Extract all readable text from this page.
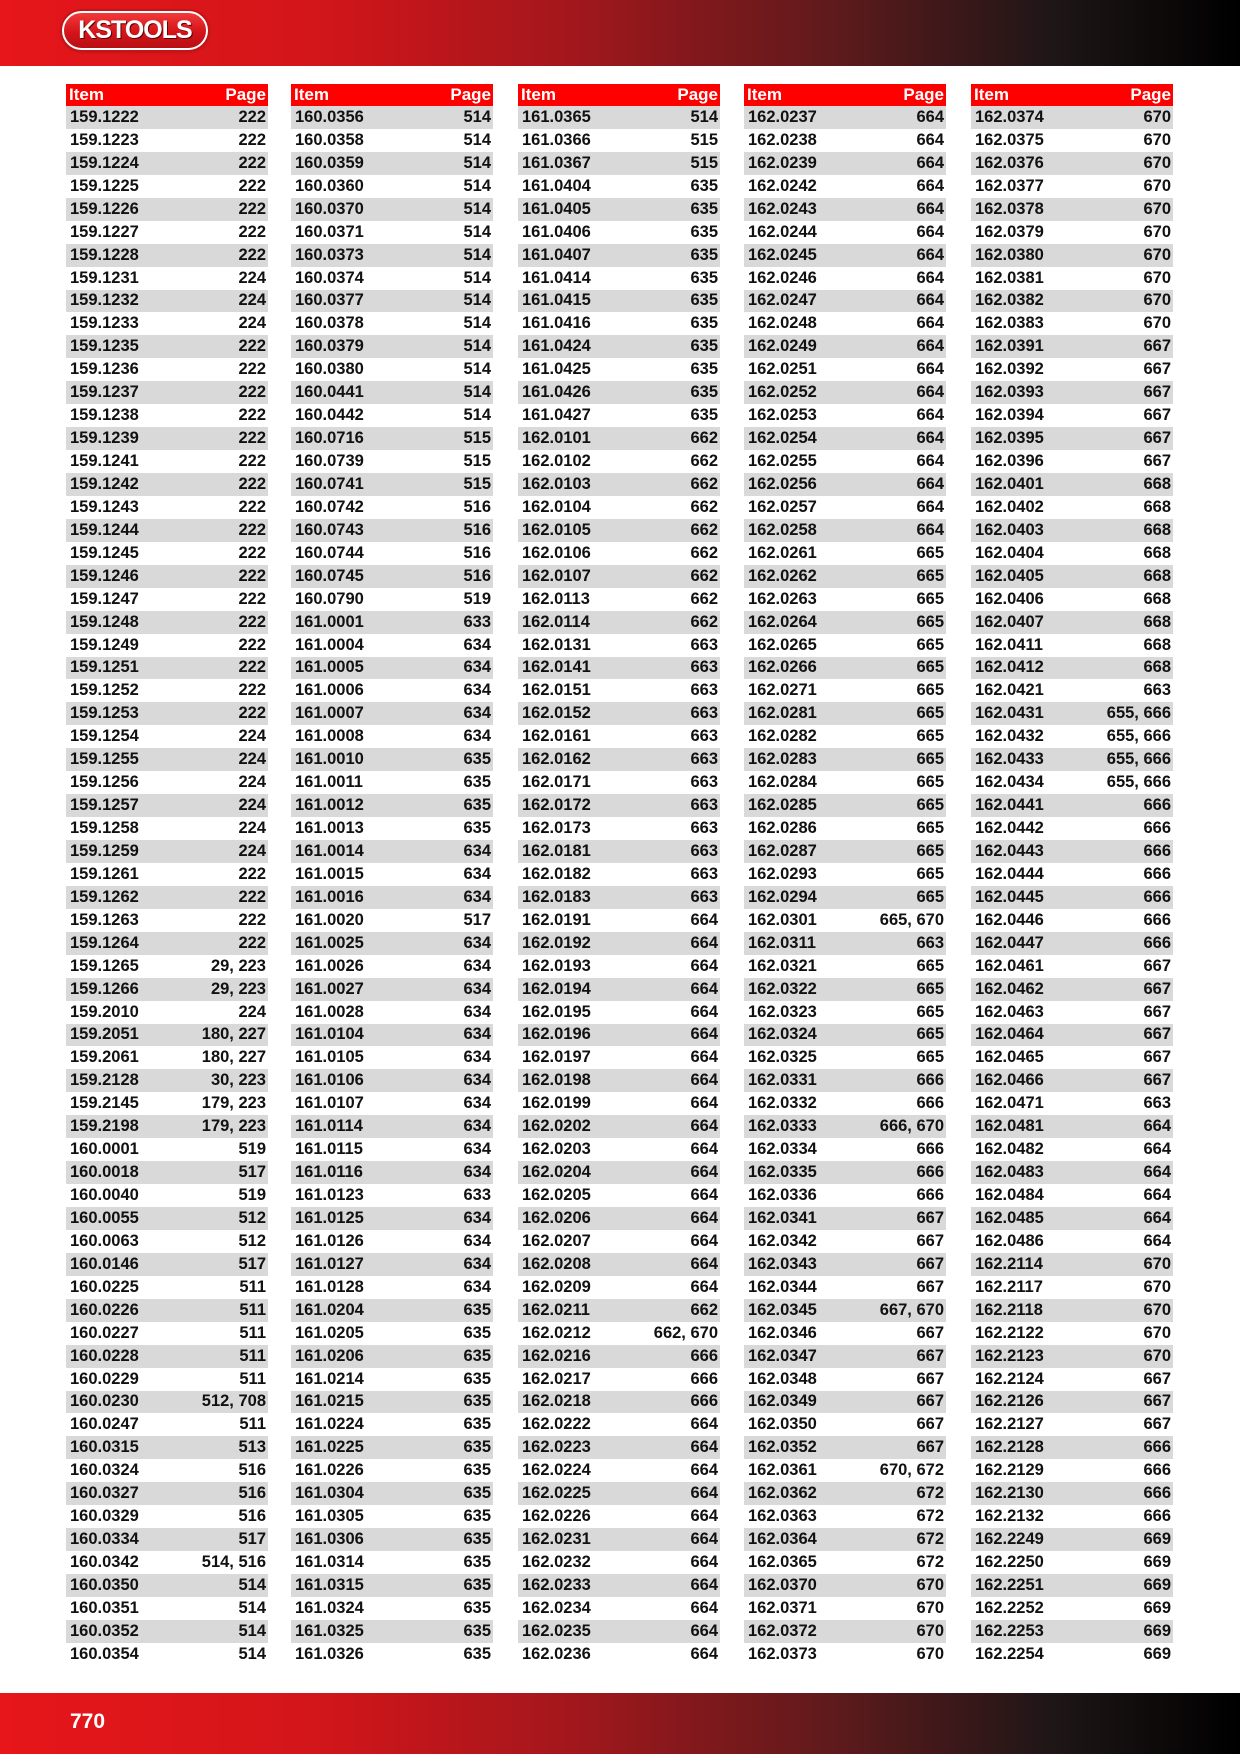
KSTOOLS
Item	Page
159.1222	222
159.1223	222
159.1224	222
159.1225	222
159.1226	222
159.1227	222
159.1228	222
159.1231	224
159.1232	224
159.1233	224
159.1235	222
159.1236	222
159.1237	222
159.1238	222
159.1239	222
159.1241	222
159.1242	222
159.1243	222
159.1244	222
159.1245	222
159.1246	222
159.1247	222
159.1248	222
159.1249	222
159.1251	222
159.1252	222
159.1253	222
159.1254	224
159.1255	224
159.1256	224
159.1257	224
159.1258	224
159.1259	224
159.1261	222
159.1262	222
159.1263	222
159.1264	222
159.1265	29, 223
159.1266	29, 223
159.2010	224
159.2051	180, 227
159.2061	180, 227
159.2128	30, 223
159.2145	179, 223
159.2198	179, 223
160.0001	519
160.0018	517
160.0040	519
160.0055	512
160.0063	512
160.0146	517
160.0225	511
160.0226	511
160.0227	511
160.0228	511
160.0229	511
160.0230	512, 708
160.0247	511
160.0315	513
160.0324	516
160.0327	516
160.0329	516
160.0334	517
160.0342	514, 516
160.0350	514
160.0351	514
160.0352	514
160.0354	514
Item	Page
160.0356	514
160.0358	514
160.0359	514
160.0360	514
160.0370	514
160.0371	514
160.0373	514
160.0374	514
160.0377	514
160.0378	514
160.0379	514
160.0380	514
160.0441	514
160.0442	514
160.0716	515
160.0739	515
160.0741	515
160.0742	516
160.0743	516
160.0744	516
160.0745	516
160.0790	519
161.0001	633
161.0004	634
161.0005	634
161.0006	634
161.0007	634
161.0008	634
161.0010	635
161.0011	635
161.0012	635
161.0013	635
161.0014	634
161.0015	634
161.0016	634
161.0020	517
161.0025	634
161.0026	634
161.0027	634
161.0028	634
161.0104	634
161.0105	634
161.0106	634
161.0107	634
161.0114	634
161.0115	634
161.0116	634
161.0123	633
161.0125	634
161.0126	634
161.0127	634
161.0128	634
161.0204	635
161.0205	635
161.0206	635
161.0214	635
161.0215	635
161.0224	635
161.0225	635
161.0226	635
161.0304	635
161.0305	635
161.0306	635
161.0314	635
161.0315	635
161.0324	635
161.0325	635
161.0326	635
Item	Page
161.0365	514
161.0366	515
161.0367	515
161.0404	635
161.0405	635
161.0406	635
161.0407	635
161.0414	635
161.0415	635
161.0416	635
161.0424	635
161.0425	635
161.0426	635
161.0427	635
162.0101	662
162.0102	662
162.0103	662
162.0104	662
162.0105	662
162.0106	662
162.0107	662
162.0113	662
162.0114	662
162.0131	663
162.0141	663
162.0151	663
162.0152	663
162.0161	663
162.0162	663
162.0171	663
162.0172	663
162.0173	663
162.0181	663
162.0182	663
162.0183	663
162.0191	664
162.0192	664
162.0193	664
162.0194	664
162.0195	664
162.0196	664
162.0197	664
162.0198	664
162.0199	664
162.0202	664
162.0203	664
162.0204	664
162.0205	664
162.0206	664
162.0207	664
162.0208	664
162.0209	664
162.0211	662
162.0212	662, 670
162.0216	666
162.0217	666
162.0218	666
162.0222	664
162.0223	664
162.0224	664
162.0225	664
162.0226	664
162.0231	664
162.0232	664
162.0233	664
162.0234	664
162.0235	664
162.0236	664
Item	Page
162.0237	664
162.0238	664
162.0239	664
162.0242	664
162.0243	664
162.0244	664
162.0245	664
162.0246	664
162.0247	664
162.0248	664
162.0249	664
162.0251	664
162.0252	664
162.0253	664
162.0254	664
162.0255	664
162.0256	664
162.0257	664
162.0258	664
162.0261	665
162.0262	665
162.0263	665
162.0264	665
162.0265	665
162.0266	665
162.0271	665
162.0281	665
162.0282	665
162.0283	665
162.0284	665
162.0285	665
162.0286	665
162.0287	665
162.0293	665
162.0294	665
162.0301	665, 670
162.0311	663
162.0321	665
162.0322	665
162.0323	665
162.0324	665
162.0325	665
162.0331	666
162.0332	666
162.0333	666, 670
162.0334	666
162.0335	666
162.0336	666
162.0341	667
162.0342	667
162.0343	667
162.0344	667
162.0345	667, 670
162.0346	667
162.0347	667
162.0348	667
162.0349	667
162.0350	667
162.0352	667
162.0361	670, 672
162.0362	672
162.0363	672
162.0364	672
162.0365	672
162.0370	670
162.0371	670
162.0372	670
162.0373	670
Item	Page
162.0374	670
162.0375	670
162.0376	670
162.0377	670
162.0378	670
162.0379	670
162.0380	670
162.0381	670
162.0382	670
162.0383	670
162.0391	667
162.0392	667
162.0393	667
162.0394	667
162.0395	667
162.0396	667
162.0401	668
162.0402	668
162.0403	668
162.0404	668
162.0405	668
162.0406	668
162.0407	668
162.0411	668
162.0412	668
162.0421	663
162.0431	655, 666
162.0432	655, 666
162.0433	655, 666
162.0434	655, 666
162.0441	666
162.0442	666
162.0443	666
162.0444	666
162.0445	666
162.0446	666
162.0447	666
162.0461	667
162.0462	667
162.0463	667
162.0464	667
162.0465	667
162.0466	667
162.0471	663
162.0481	664
162.0482	664
162.0483	664
162.0484	664
162.0485	664
162.0486	664
162.2114	670
162.2117	670
162.2118	670
162.2122	670
162.2123	670
162.2124	667
162.2126	667
162.2127	667
162.2128	666
162.2129	666
162.2130	666
162.2132	666
162.2249	669
162.2250	669
162.2251	669
162.2252	669
162.2253	669
162.2254	669
770
